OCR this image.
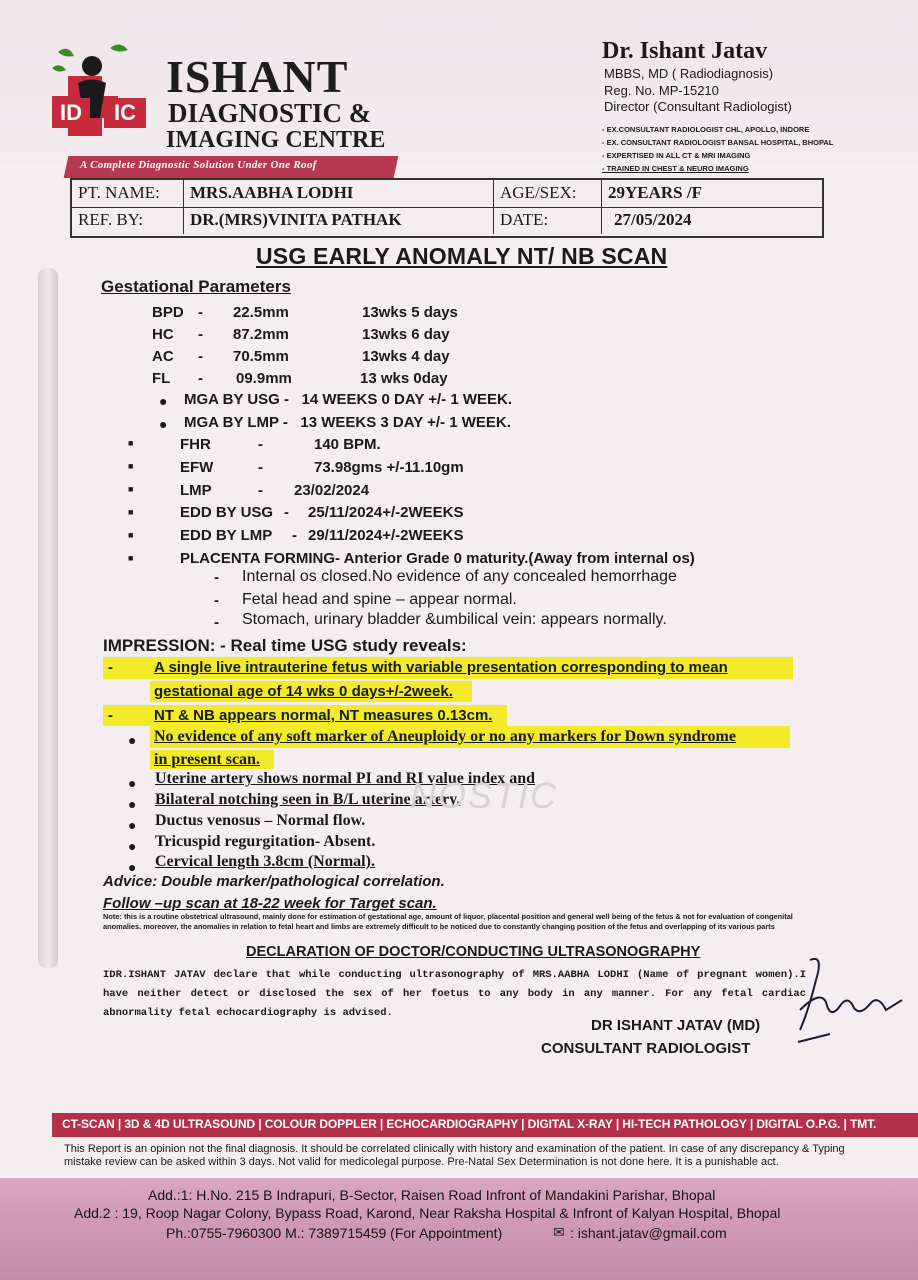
ID	IC
ISHANT
DIAGNOSTIC &
IMAGING CENTRE
A Complete Diagnostic Solution Under One Roof
Dr. Ishant Jatav
MBBS, MD ( Radiodiagnosis)
Reg. No. MP-15210
Director (Consultant Radiologist)
- EX.CONSULTANT RADIOLOGIST CHL, APOLLO, INDORE
- EX. CONSULTANT RADIOLOGIST BANSAL HOSPITAL, BHOPAL
- EXPERTISED IN ALL CT & MRI IMAGING
- TRAINED IN CHEST & NEURO IMAGING
PT. NAME:	MRS.AABHA LODHI	AGE/SEX:	29YEARS /F
REF. BY:	DR.(MRS)VINITA PATHAK	DATE:	27/05/2024
USG EARLY ANOMALY NT/ NB SCAN
Gestational Parameters
BPD - 22.5mm	13wks 5 days
HC - 87.2mm	13wks 6 day
AC - 70.5mm	13wks 4 day
FL - 09.9mm	13 wks 0day
● MGA BY USG -   14 WEEKS 0 DAY +/- 1 WEEK.
● MGA BY LMP -   13 WEEKS 3 DAY +/- 1 WEEK.
■	FHR	-	140 BPM.
■	EFW	-	73.98gms +/-11.10gm
■	LMP	- 23/02/2024
■	EDD BY USG - 25/11/2024+/-2WEEKS
■	EDD BY LMP - 29/11/2024+/-2WEEKS
■	PLACENTA FORMING- Anterior Grade 0 maturity.(Away from internal os)
- Internal os closed.No evidence of any concealed hemorrhage
- Fetal head and spine – appear normal.
- Stomach, urinary bladder &umbilical vein: appears normally.
IMPRESSION: - Real time USG study reveals:
-	A single live intrauterine fetus with variable presentation corresponding to mean
gestational age of 14 wks 0 days+/-2week.
-	NT & NB appears normal, NT measures 0.13cm.
● No evidence of any soft marker of Aneuploidy or no any markers for Down syndrome
in present scan.
● Uterine artery shows normal PI and RI value index and
● Bilateral notching seen in B/L uterine artery.
● Ductus venosus – Normal flow.
● Tricuspid regurgitation- Absent.
● Cervical length 3.8cm (Normal).
NOSTIC
Advice: Double marker/pathological correlation.
Follow –up scan at 18-22 week for Target scan.
Note: this is a routine obstetrical ultrasound, mainly done for estimation of gestational age, amount of liquor, placental position and general well being of the fetus & not for evaluation of congenital anomalies. moreover, the anomalies in relation to fetal heart and limbs are extremely difficult to be noticed due to constantly changing position of the fetus and overlapping of its various parts
DECLARATION OF DOCTOR/CONDUCTING ULTRASONOGRAPHY
IDR.ISHANT JATAV declare that while conducting ultrasonography of MRS.AABHA LODHI (Name of pregnant women).I have neither detect or disclosed the sex of her foetus to any body in any manner. For any fetal cardiac abnormality fetal echocardiography is advised.
DR ISHANT JATAV (MD)
CONSULTANT RADIOLOGIST
CT-SCAN | 3D & 4D ULTRASOUND | COLOUR DOPPLER | ECHOCARDIOGRAPHY | DIGITAL X-RAY | HI-TECH PATHOLOGY | DIGITAL O.P.G. | TMT.
This Report is an opinion not the final diagnosis. It should be correlated clinically with history and examination of the patient. In case of any discrepancy & Typing mistake review can be asked within 3 days. Not valid for medicolegal purpose. Pre-Natal Sex Determination is not done here. It is a punishable act.
Add.:1: H.No. 215 B Indrapuri, B-Sector, Raisen Road Infront of Mandakini Parishar, Bhopal
Add.2 : 19, Roop Nagar Colony, Bypass Road, Karond, Near Raksha Hospital & Infront of Kalyan Hospital, Bhopal
Ph.:0755-7960300 M.: 7389715459 (For Appointment)	✉ : ishant.jatav@gmail.com
